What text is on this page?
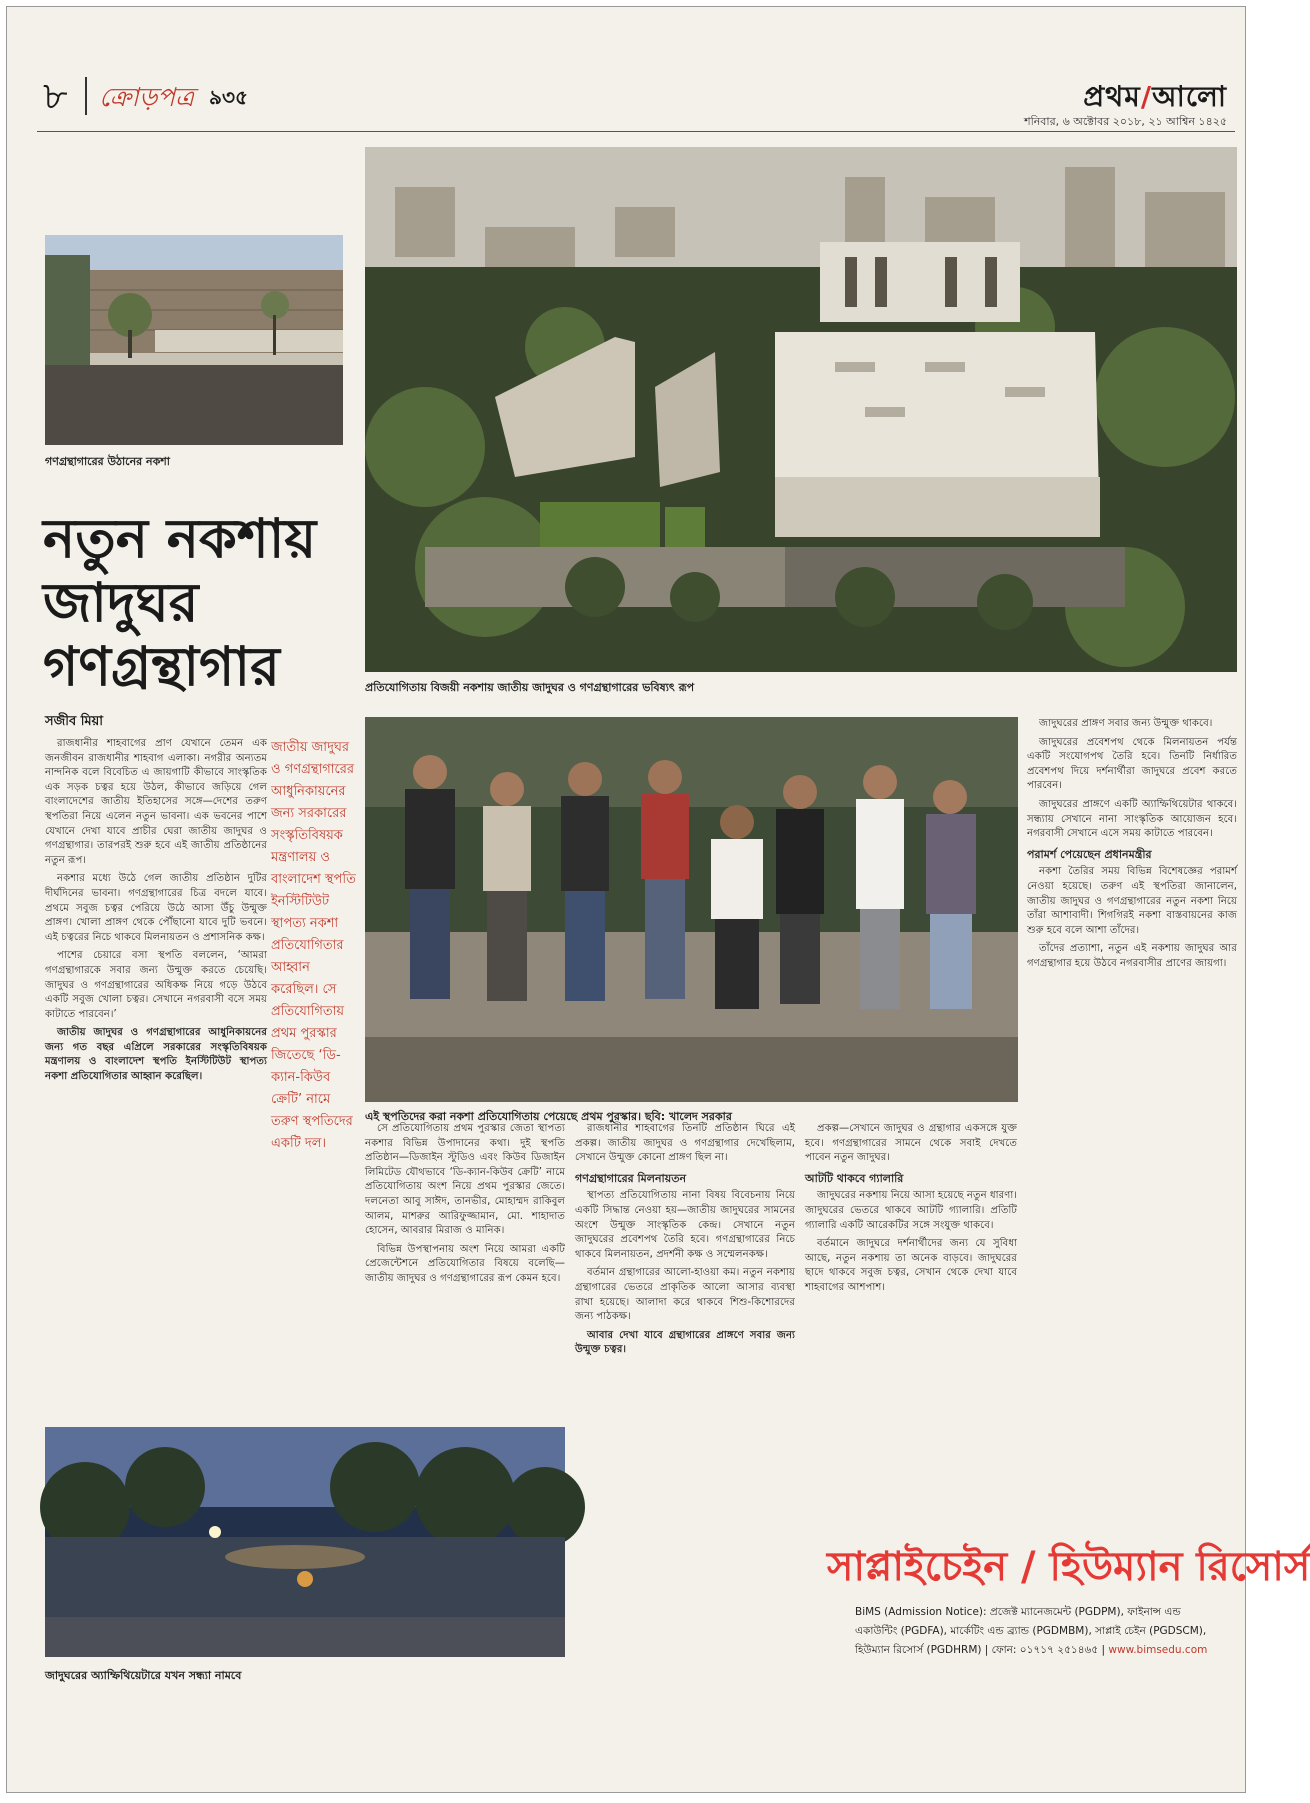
৮ ক্রোড়পত্র ৯৩৫	প্রথম/আলো
শনিবার, ৬ অক্টোবর ২০১৮, ২১ আশ্বিন ১৪২৫
গণগ্রন্থাগারের উঠানের নকশা
নতুন নকশায়
জাদুঘর
গণগ্রন্থাগার
সজীব মিয়া
প্রতিযোগিতায় বিজয়ী নকশায় জাতীয় জাদুঘর ও গণগ্রন্থাগারের ভবিষ্যৎ রূপ
এই স্থপতিদের করা নকশা প্রতিযোগিতায় পেয়েছে প্রথম পুরস্কার। ছবি: খালেদ সরকার

রাজধানীর শাহবাগের প্রাণ যেখানে তেমন এক জনজীবন রাজধানীর শাহবাগ এলাকা। নগরীর অন্যতম নান্দনিক বলে বিবেচিত এ জায়গাটি কীভাবে সাংস্কৃতিক এক সড়ক চত্বর হয়ে উঠল, কীভাবে জড়িয়ে গেল বাংলাদেশের জাতীয় ইতিহাসের সঙ্গে—দেশের তরুণ স্থপতিরা নিয়ে এলেন নতুন ভাবনা। এক ভবনের পাশে যেখানে দেখা যাবে প্রাচীর ঘেরা জাতীয় জাদুঘর ও গণগ্রন্থাগার। তারপরই শুরু হবে এই জাতীয় প্রতিষ্ঠানের নতুন রূপ।

নকশার মধ্যে উঠে গেল জাতীয় প্রতিষ্ঠান দুটির দীর্ঘদিনের ভাবনা। গণগ্রন্থাগারের চিত্র বদলে যাবে। প্রথমে সবুজ চত্বর পেরিয়ে উঠে আসা উঁচু উন্মুক্ত প্রাঙ্গণ। খোলা প্রাঙ্গণ থেকে পৌঁছানো যাবে দুটি ভবনে। এই চত্বরের নিচে থাকবে মিলনায়তন ও প্রশাসনিক কক্ষ।

পাশের চেয়ারে বসা স্থপতি বললেন, ‘আমরা গণগ্রন্থাগারকে সবার জন্য উন্মুক্ত করতে চেয়েছি। জাদুঘর ও গণগ্রন্থাগারের অধিকক্ষ নিয়ে গড়ে উঠবে একটি সবুজ খোলা চত্বর। সেখানে নগরবাসী বসে সময় কাটাতে পারবেন।’

জাতীয় জাদুঘর ও গণগ্রন্থাগারের আধুনিকায়নের জন্য গত বছর এপ্রিলে সরকারের সংস্কৃতিবিষয়ক মন্ত্রণালয় ও বাংলাদেশ স্থপতি ইনস্টিটিউট স্থাপত্য নকশা প্রতিযোগিতার আহ্বান করেছিল।

জাতীয় জাদুঘর ও গণগ্রন্থাগারের আধুনিকায়নের জন্য সরকারের সংস্কৃতিবিষয়ক মন্ত্রণালয় ও বাংলাদেশ স্থপতি ইনস্টিটিউট স্থাপত্য নকশা প্রতিযোগিতার আহ্বান করেছিল। সে প্রতিযোগিতায় প্রথম পুরস্কার জিতেছে ‘ডি-ক্যান-কিউব ক্রেটি’ নামে তরুণ স্থপতিদের একটি দল।

সে প্রতিযোগিতায় প্রথম পুরস্কার জেতা স্থাপত্য নকশার বিভিন্ন উপাদানের কথা। দুই স্থপতি প্রতিষ্ঠান—ডিজাইন স্টুডিও এবং কিউব ডিজাইন লিমিটেড যৌথভাবে ‘ডি-ক্যান-কিউব ক্রেটি’ নামে প্রতিযোগিতায় অংশ নিয়ে প্রথম পুরস্কার জেতে। দলনেতা আবু সাঈদ, তানভীর, মোহাম্মদ রাকিবুল আলম, মাশরুর আরিফুজ্জামান, মো. শাহাদাত হোসেন, আবরার মিরাজ ও মানিক।

বিভিন্ন উপস্থাপনায় অংশ নিয়ে আমরা একটি প্রেজেন্টেশনে প্রতিযোগিতার বিষয়ে বলেছি—জাতীয় জাদুঘর ও গণগ্রন্থাগারের রূপ কেমন হবে।

রাজধানীর শাহবাগের তিনটি প্রতিষ্ঠান ঘিরে এই প্রকল্প। জাতীয় জাদুঘর ও গণগ্রন্থাগার দেখেছিলাম, সেখানে উন্মুক্ত কোনো প্রাঙ্গণ ছিল না।

গণগ্রন্থাগারের মিলনায়তন

স্থাপত্য প্রতিযোগিতায় নানা বিষয় বিবেচনায় নিয়ে একটি সিদ্ধান্ত নেওয়া হয়—জাতীয় জাদুঘরের সামনের অংশে উন্মুক্ত সাংস্কৃতিক কেন্দ্র। সেখানে নতুন জাদুঘরের প্রবেশপথ তৈরি হবে। গণগ্রন্থাগারের নিচে থাকবে মিলনায়তন, প্রদর্শনী কক্ষ ও সম্মেলনকক্ষ।

বর্তমান গ্রন্থাগারের আলো-হাওয়া কম। নতুন নকশায় গ্রন্থাগারের ভেতরে প্রাকৃতিক আলো আসার ব্যবস্থা রাখা হয়েছে। আলাদা করে থাকবে শিশু-কিশোরদের জন্য পাঠকক্ষ।

আবার দেখা যাবে গ্রন্থাগারের প্রাঙ্গণে সবার জন্য উন্মুক্ত চত্বর।

প্রকল্প—সেখানে জাদুঘর ও গ্রন্থাগার একসঙ্গে যুক্ত হবে। গণগ্রন্থাগারের সামনে থেকে সবাই দেখতে পাবেন নতুন জাদুঘর।

আটটি থাকবে গ্যালারি

জাদুঘরের নকশায় নিয়ে আসা হয়েছে নতুন ধারণা। জাদুঘরের ভেতরে থাকবে আটটি গ্যালারি। প্রতিটি গ্যালারি একটি আরেকটির সঙ্গে সংযুক্ত থাকবে।

বর্তমানে জাদুঘরে দর্শনার্থীদের জন্য যে সুবিধা আছে, নতুন নকশায় তা অনেক বাড়বে। জাদুঘরের ছাদে থাকবে সবুজ চত্বর, সেখান থেকে দেখা যাবে শাহবাগের আশপাশ।

জাদুঘরের প্রাঙ্গণ সবার জন্য উন্মুক্ত থাকবে।

জাদুঘরের প্রবেশপথ থেকে মিলনায়তন পর্যন্ত একটি সংযোগপথ তৈরি হবে। তিনটি নির্ধারিত প্রবেশপথ দিয়ে দর্শনার্থীরা জাদুঘরে প্রবেশ করতে পারবেন।

জাদুঘরের প্রাঙ্গণে একটি অ্যাম্ফিথিয়েটার থাকবে। সন্ধ্যায় সেখানে নানা সাংস্কৃতিক আয়োজন হবে। নগরবাসী সেখানে এসে সময় কাটাতে পারবেন।

পরামর্শ পেয়েছেন প্রধানমন্ত্রীর

নকশা তৈরির সময় বিভিন্ন বিশেষজ্ঞের পরামর্শ নেওয়া হয়েছে। তরুণ এই স্থপতিরা জানালেন, জাতীয় জাদুঘর ও গণগ্রন্থাগারের নতুন নকশা নিয়ে তাঁরা আশাবাদী। শিগগিরই নকশা বাস্তবায়নের কাজ শুরু হবে বলে আশা তাঁদের।

তাঁদের প্রত্যাশা, নতুন এই নকশায় জাদুঘর আর গণগ্রন্থাগার হয়ে উঠবে নগরবাসীর প্রাণের জায়গা।

জাদুঘরের অ্যাম্ফিথিয়েটারে যখন সন্ধ্যা নামবে
সাপ্লাইচেইন / হিউম্যান রিসোর্স
BiMS (Admission Notice): প্রজেক্ট ম্যানেজমেন্ট (PGDPM), ফাইনান্স এন্ড
একাউন্টিং (PGDFA), মার্কেটিং এন্ড ব্র্যান্ড (PGDMBM), সাপ্লাই চেইন (PGDSCM),
হিউম্যান রিসোর্স (PGDHRM) | ফোন: ০১৭১৭ ২৫১৪৬৫ | www.bimsedu.com
